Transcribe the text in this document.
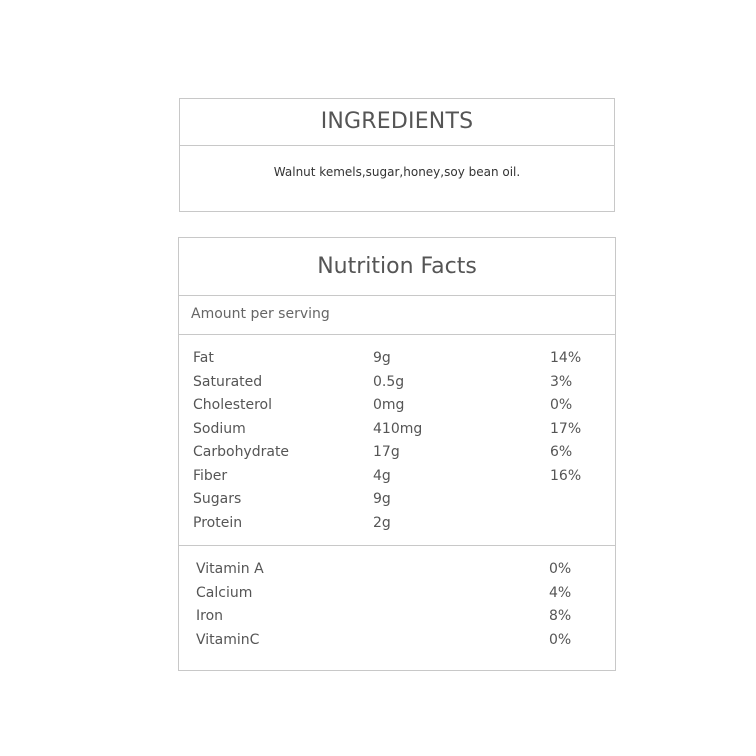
INGREDIENTS
Walnut kemels,sugar,honey,soy bean oil.
Nutrition Facts
Amount per serving
Fat	9g	14%
Saturated	0.5g	3%
Cholesterol	0mg	0%
Sodium	410mg	17%
Carbohydrate	17g	6%
Fiber	4g	16%
Sugars	9g
Protein	2g
Vitamin A	0%
Calcium	4%
Iron	8%
VitaminC	0%
